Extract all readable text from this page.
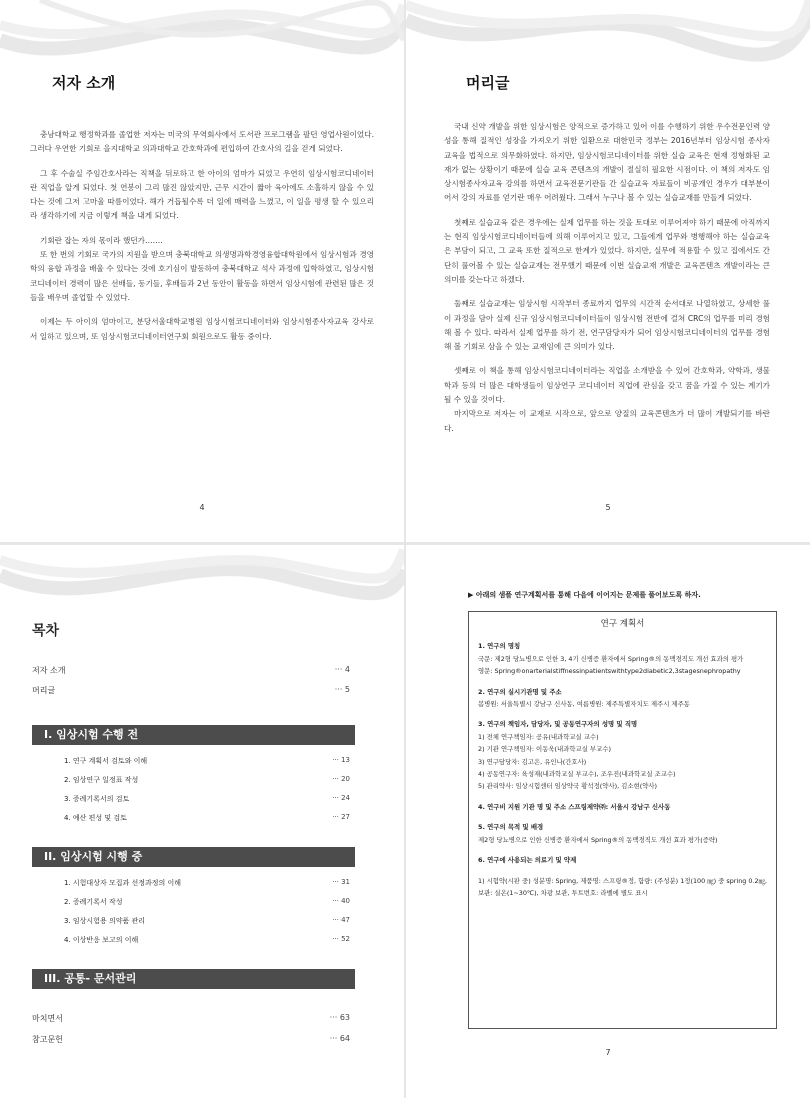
저자 소개

충남대학교 행정학과를 졸업한 저자는 미국의 무역회사에서 도서관 프로그램을 팔던 영업사원이었다. 그러다 우연한 기회로 을지대학교 의과대학교 간호학과에 편입하여 간호사의 길을 걷게 되었다.

그 후 수술실 주임간호사라는 직책을 뒤로하고 한 아이의 엄마가 되었고 우연히 임상시험코디네이터란 직업을 알게 되었다. 첫 연봉이 그리 많진 않았지만, 근무 시간이 짧아 육아에도 소홀하지 않을 수 있다는 것에 그저 고마울 따름이었다. 해가 거듭될수록 더 일에 매력을 느꼈고, 이 일을 평생 할 수 있으리라 생각하기에 지금 이렇게 책을 내게 되었다.

기회란 잡는 자의 몫이라 했던가…….

또 한 번의 기회로 국가의 지원을 받으며 충북대학교 의생명과학경영융합대학원에서 임상시험과 경영학의 융합 과정을 배울 수 있다는 것에 호기심이 발동하여 충북대학교 석사 과정에 입학하였고, 임상시험코디네이터 경력이 많은 선배들, 동기들, 후배들과 2년 동안이 활동을 하면서 임상시험에 관련된 많은 것들을 배우며 졸업할 수 있었다.

이제는 두 아이의 엄마이고, 분당서울대학교병원 임상시험코디네이터와 임상시험종사자교육 강사로서 일하고 있으며, 또 임상시험코디네이터연구회 회원으로도 활동 중이다.

4
머리글

국내 신약 개발을 위한 임상시험은 양적으로 증가하고 있어 이를 수행하기 위한 우수전문인력 양성을 통해 질적인 성장을 가져오기 위한 일환으로 대한민국 정부는 2016년부터 임상시험 종사자 교육을 법적으로 의무화하였다. 하지만, 임상시험코디네이터를 위한 실습 교육은 현재 정형화된 교재가 없는 상황이기 때문에 실습 교육 콘텐츠의 개발이 절실히 필요한 시점이다. 이 책의 저자도 임상시험종사자교육 강의를 하면서 교육전문기관들 간 실습교육 자료들이 비공개인 경우가 대부분이어서 강의 자료를 얻기란 매우 어려웠다. 그래서 누구나 볼 수 있는 실습교재를 만들게 되었다.

첫째로 실습교육 같은 경우에는 실제 업무를 하는 것을 토대로 이루어져야 하기 때문에 아직까지는 현직 임상시험코디네이터들에 의해 이루어지고 있고, 그들에게 업무와 병행해야 하는 실습교육은 부담이 되고, 그 교육 또한 질적으로 한계가 있었다. 하지만, 실무에 적용할 수 있고 집에서도 간단히 풀어볼 수 있는 실습교재는 전무했기 때문에 이번 실습교재 개발은 교육콘텐츠 개발이라는 큰 의미를 갖는다고 하겠다.

둘째로 실습교재는 임상시험 시작부터 종료까지 업무의 시간적 순서대로 나열하였고, 상세한 풀이 과정을 담아 실제 신규 임상시험코디네이터들이 임상시험 전반에 걸쳐 CRC의 업무를 미리 경험해 볼 수 있다. 따라서 실제 업무를 하기 전, 연구담당자가 되어 임상시험코디네이터의 업무를 경험해 볼 기회로 삼을 수 있는 교재임에 큰 의미가 있다.

셋째로 이 책을 통해 임상시험코디네이터라는 직업을 소개받을 수 있어 간호학과, 약학과, 생물학과 등의 더 많은 대학생들이 임상연구 코디네이터 직업에 관심을 갖고 꿈을 가질 수 있는 계기가 될 수 있을 것이다.

마지막으로 저자는 이 교재로 시작으로, 앞으로 양질의 교육콘텐츠가 더 많이 개발되기를 바란다.

5
목차
저자 소개	··· 4
머리글	··· 5
I. 임상시험 수행 전
1. 연구 계획서 검토와 이해	··· 13
2. 임상연구 일정표 작성	··· 20
3. 증례기록서의 검토	··· 24
4. 예산 편성 및 검토	··· 27
II. 임상시험 시행 중
1. 시험대상자 모집과 선정과정의 이해	··· 31
2. 증례기록서 작성	··· 40
3. 임상시험용 의약품 관리	··· 47
4. 이상반응 보고의 이해	··· 52
III. 공통- 문서관리
마치면서	··· 63
참고문헌	··· 64
▶ 아래의 샘플 연구계획서를 통해 다음에 이어지는 문제를 풀어보도록 하자.
연구 계획서
1. 연구의 명칭
국문: 제2형 당뇨병으로 인한 3, 4기 신병증 환자에서 Spring®의 동맥경직도 개선 효과의 평가
영문: Spring®onarterialstiffnessinpatientswithtype2diabetic2,3stagesnephropathy
2. 연구의 실시기관명 및 주소
봄병원: 서울특별시 강남구 신사동, 여름병원: 제주특별자치도 제주시 제주동
3. 연구의 책임자, 담당자, 및 공동연구자의 성명 및 직명
1) 전체 연구책임자: 공유(내과학교실 교수)
2) 기관 연구책임자: 이동욱(내과학교실 부교수)
3) 연구담당자: 김고은, 유인나(간호사)
4) 공동연구자: 육성재(내과학교실 부교수), 조우진(내과학교실 조교수)
5) 관리약사: 임상시험센터 임상약국 황석정(약사), 김소현(약사)
4. 연구비 지원 기관 명 및 주소 스프링제약㈜: 서울시 강남구 신사동
5. 연구의 목적 및 배경
제2형 당뇨병으로 인한 신병증 환자에서 Spring®의 동맥경직도 개선 효과 평가(증략)
6. 연구에 사용되는 의료기 및 약제
1) 시험약(시판 중) 성분명: Spring, 제품명: 스프링®정, 함량: (주성분) 1정(100 ㎎) 중 spring 0.2㎎, 보관: 실온(1~30℃), 차광 보관, 투트번호: 라벨에 별도 표시
7
